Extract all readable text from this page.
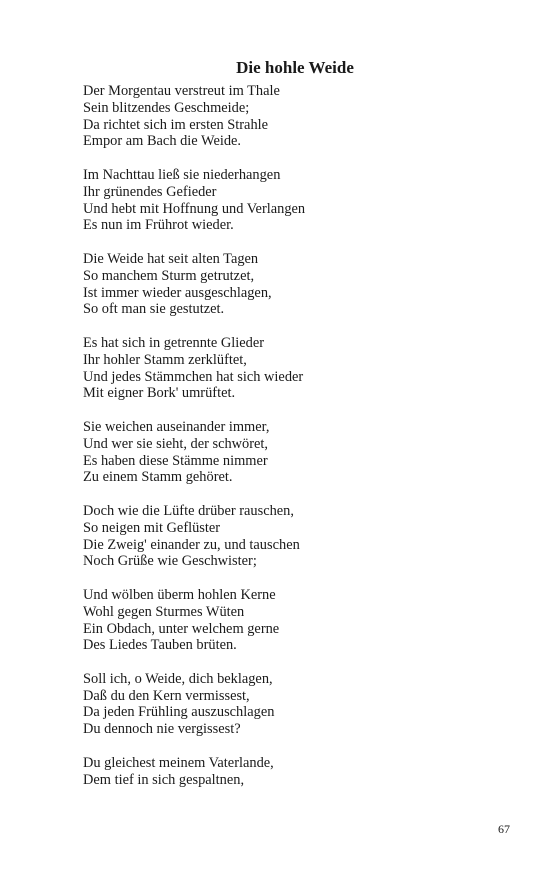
Die hohle Weide
Der Morgentau verstreut im Thale
Sein blitzendes Geschmeide;
Da richtet sich im ersten Strahle
Empor am Bach die Weide.
Im Nachttau ließ sie niederhangen
Ihr grünendes Gefieder
Und hebt mit Hoffnung und Verlangen
Es nun im Frührot wieder.
Die Weide hat seit alten Tagen
So manchem Sturm getrutzet,
Ist immer wieder ausgeschlagen,
So oft man sie gestutzet.
Es hat sich in getrennte Glieder
Ihr hohler Stamm zerklüftet,
Und jedes Stämmchen hat sich wieder
Mit eigner Bork' umrüftet.
Sie weichen auseinander immer,
Und wer sie sieht, der schwöret,
Es haben diese Stämme nimmer
Zu einem Stamm gehöret.
Doch wie die Lüfte drüber rauschen,
So neigen mit Geflüster
Die Zweig' einander zu, und tauschen
Noch Grüße wie Geschwister;
Und wölben überm hohlen Kerne
Wohl gegen Sturmes Wüten
Ein Obdach, unter welchem gerne
Des Liedes Tauben brüten.
Soll ich, o Weide, dich beklagen,
Daß du den Kern vermissest,
Da jeden Frühling auszuschlagen
Du dennoch nie vergissest?
Du gleichest meinem Vaterlande,
Dem tief in sich gespaltnen,
67
